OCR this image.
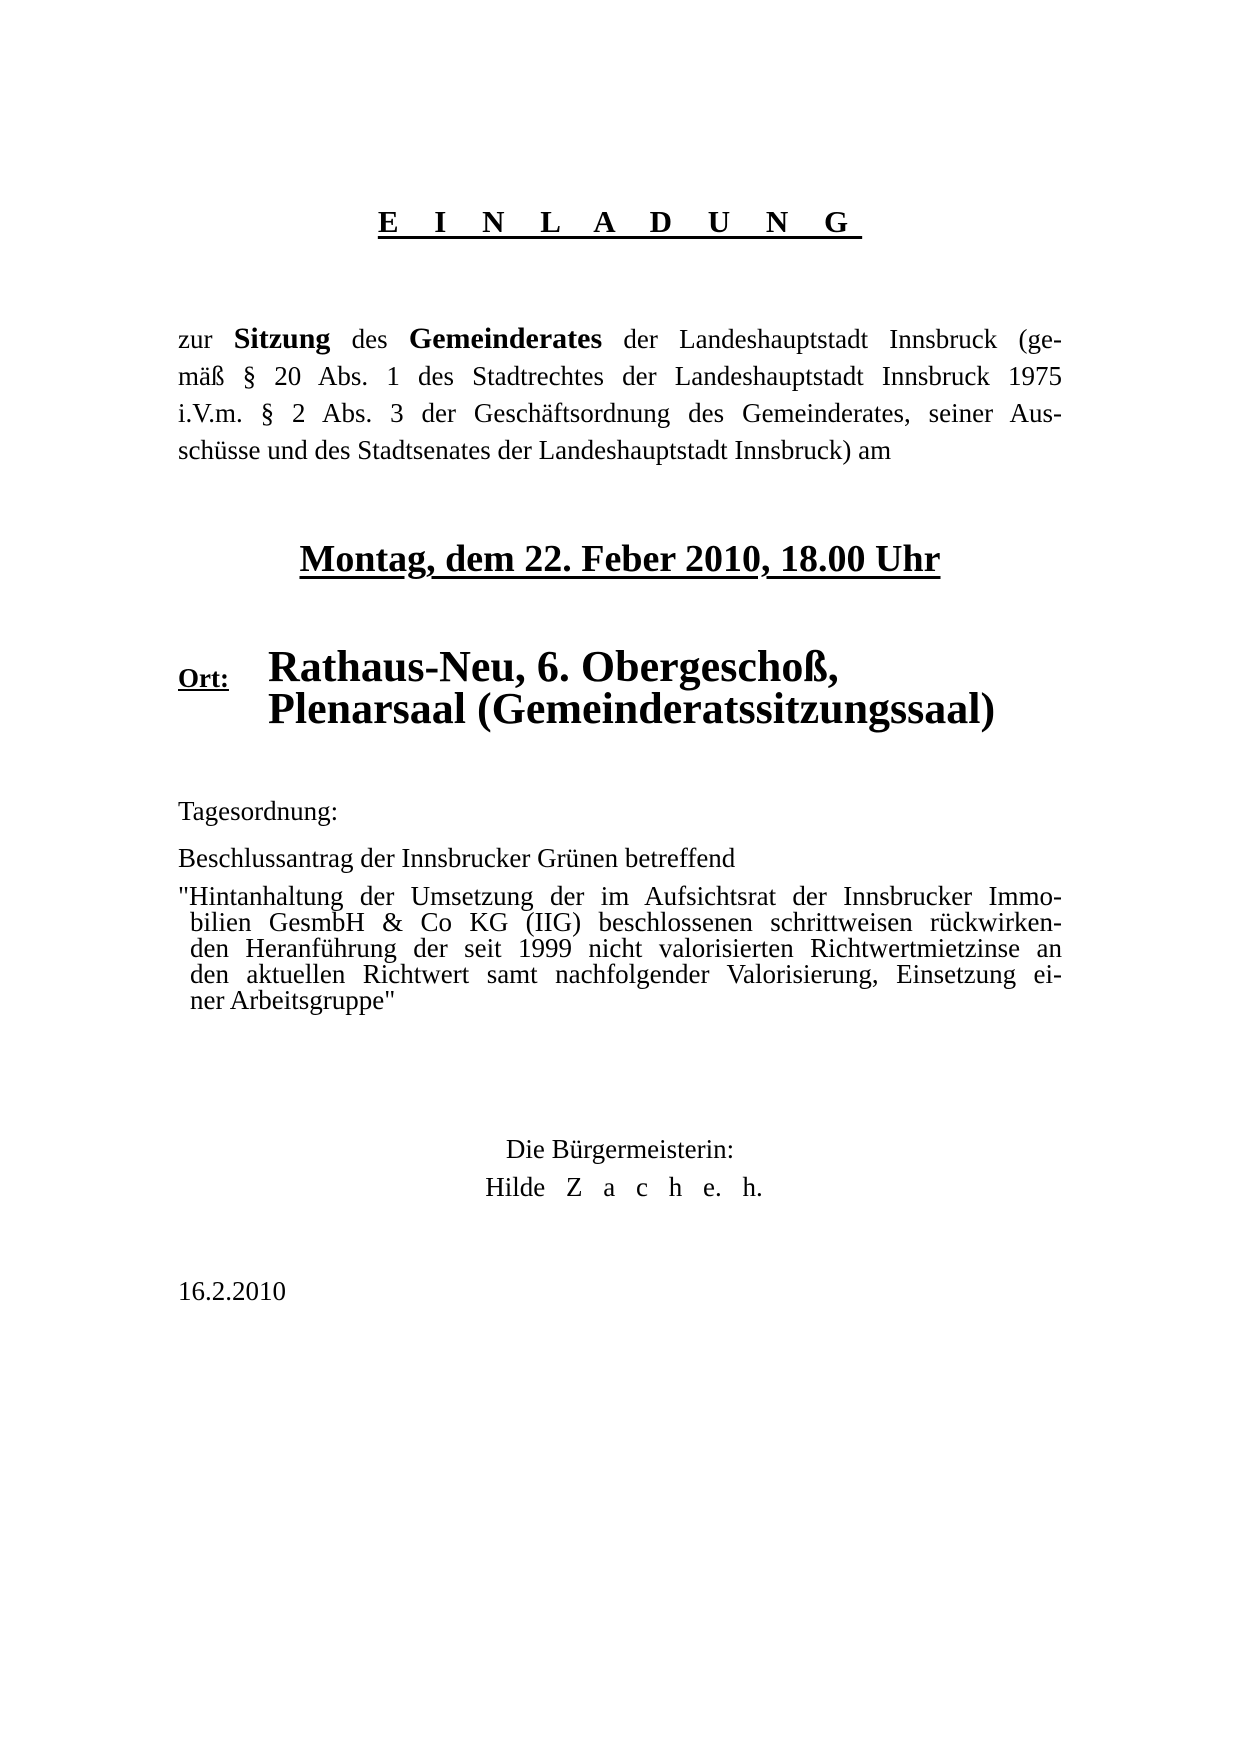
E I N L A D U N G
zur Sitzung des Gemeinderates der Landeshauptstadt Innsbruck (ge-
mäß § 20 Abs. 1 des Stadtrechtes der Landeshauptstadt Innsbruck 1975
i.V.m. § 2 Abs. 3 der Geschäftsordnung des Gemeinderates, seiner Aus-
schüsse und des Stadtsenates der Landeshauptstadt Innsbruck) am
Montag, dem 22. Feber 2010, 18.00 Uhr
Ort: Rathaus-Neu, 6. Obergeschoß,
Plenarsaal (Gemeinderatssitzungssaal)
Tagesordnung:
Beschlussantrag der Innsbrucker Grünen betreffend
"Hintanhaltung der Umsetzung der im Aufsichtsrat der Innsbrucker Immo-
bilien GesmbH & Co KG (IIG) beschlossenen schrittweisen rückwirken-
den Heranführung der seit 1999 nicht valorisierten Richtwertmietzinse an
den aktuellen Richtwert samt nachfolgender Valorisierung, Einsetzung ei-
ner Arbeitsgruppe"
Die Bürgermeisterin:
Hilde Z a c h e. h.
16.2.2010
